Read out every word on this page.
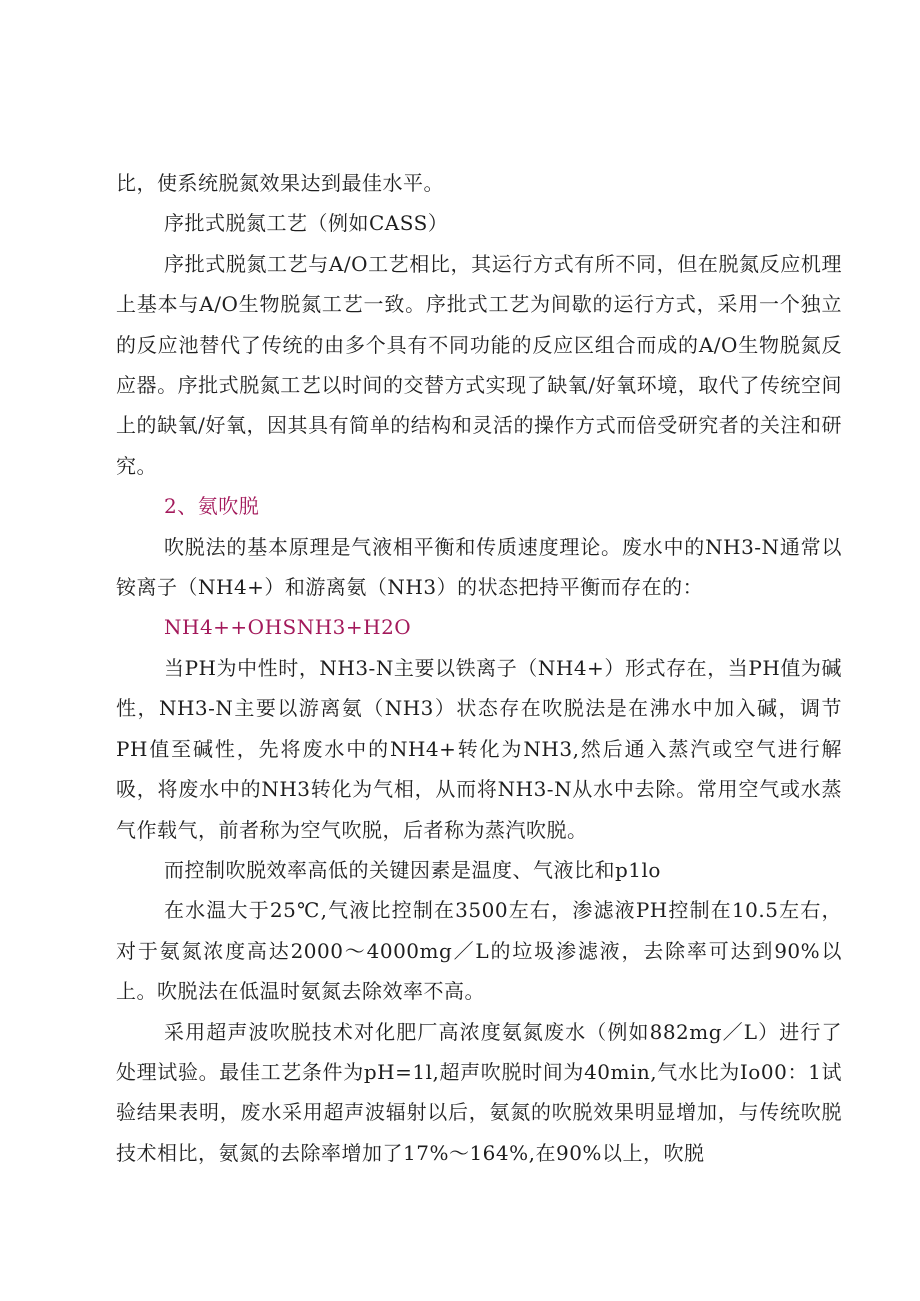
比，使系统脱氮效果达到最佳水平。

序批式脱氮工艺（例如CASS）

序批式脱氮工艺与A/O工艺相比，其运行方式有所不同，但在脱氮反应机理上基本与A/O生物脱氮工艺一致。序批式工艺为间歇的运行方式，采用一个独立的反应池替代了传统的由多个具有不同功能的反应区组合而成的A/O生物脱氮反应器。序批式脱氮工艺以时间的交替方式实现了缺氧/好氧环境，取代了传统空间上的缺氧/好氧，因其具有简单的结构和灵活的操作方式而倍受研究者的关注和研究。

2、氨吹脱

吹脱法的基本原理是气液相平衡和传质速度理论。废水中的NH3-N通常以铵离子（NH4+）和游离氨（NH3）的状态把持平衡而存在的：

NH4++OHSNH3+H2O

当PH为中性时，NH3-N主要以铁离子（NH4+）形式存在，当PH值为碱性，NH3-N主要以游离氨（NH3）状态存在吹脱法是在沸水中加入碱，调节PH值至碱性，先将废水中的NH4+转化为NH3,然后通入蒸汽或空气进行解吸，将废水中的NH3转化为气相，从而将NH3-N从水中去除。常用空气或水蒸气作载气，前者称为空气吹脱，后者称为蒸汽吹脱。

而控制吹脱效率高低的关键因素是温度、气液比和p1lo

在水温大于25℃,气液比控制在3500左右，渗滤液PH控制在10.5左右，对于氨氮浓度高达2000～4000mg／L的垃圾渗滤液，去除率可达到90%以上。吹脱法在低温时氨氮去除效率不高。

采用超声波吹脱技术对化肥厂高浓度氨氮废水（例如882mg／L）进行了处理试验。最佳工艺条件为pH=1l,超声吹脱时间为40min,气水比为Io00：1试验结果表明，废水采用超声波辐射以后，氨氮的吹脱效果明显增加，与传统吹脱技术相比，氨氮的去除率增加了17%～164%,在90%以上，吹脱
